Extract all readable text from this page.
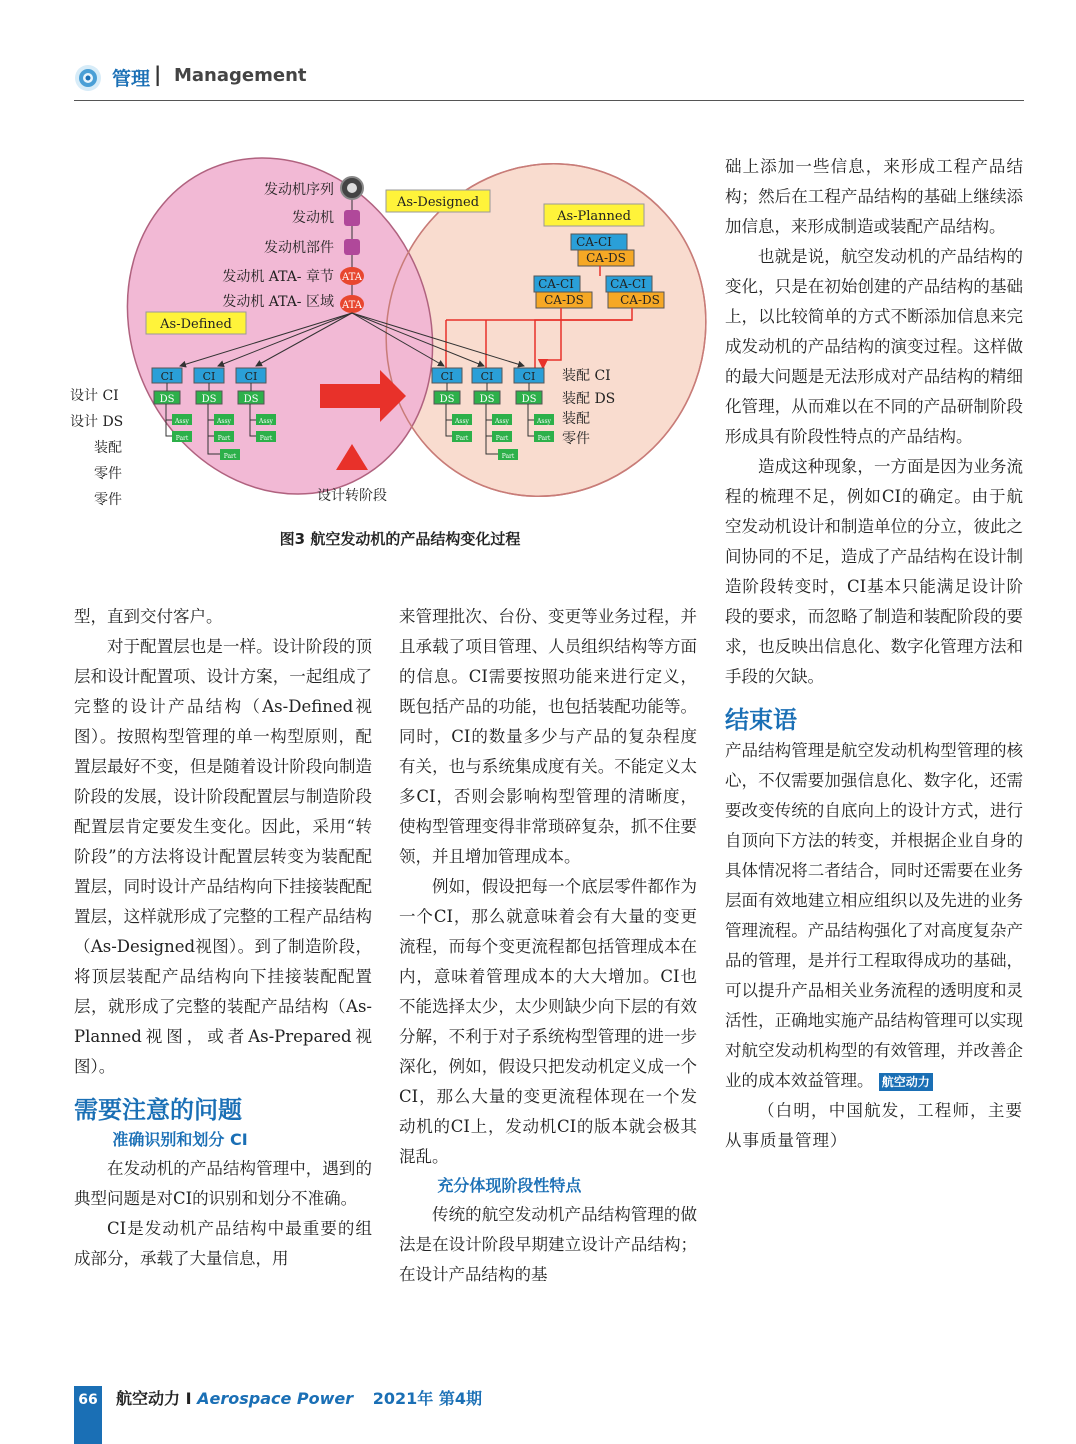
管理 | Management
发动机序列
发动机
发动机部件
发动机 ATA- 章节
发动机 ATA- 区域
ATA
ATA
As-Designed
As-Planned
As-Defined
CA-CI
CA-DS
CA-CI
CA-DS
CA-CI
CA-DS
CI
DS
Assy
Part
CI
DS
Assy
Part
Part
CI
DS
Assy
Part
CI
DS
Assy
Part
CI
DS
Assy
Part
Part
CI
DS
Assy
Part
设计 CI
设计 DS
装配
零件
零件
装配 CI
装配 DS
装配
零件
设计转阶段
图3 航空发动机的产品结构变化过程

型，直到交付客户。

对于配置层也是一样。设计阶段的顶层和设计配置项、设计方案，一起组成了完整的设计产品结构（As-Defined视图）。按照构型管理的单一构型原则，配置层最好不变，但是随着设计阶段向制造阶段的发展，设计阶段配置层与制造阶段配置层肯定要发生变化。因此，采用“转阶段”的方法将设计配置层转变为装配配置层，同时设计产品结构向下挂接装配配置层，这样就形成了完整的工程产品结构（As-Designed视图）。到了制造阶段，将顶层装配产品结构向下挂接装配配置层，就形成了完整的装配产品结构（As-Planned视图，或者As-Prepared视图）。

需要注意的问题
准确识别和划分 CI

在发动机的产品结构管理中，遇到的典型问题是对CI的识别和划分不准确。

CI是发动机产品结构中最重要的组成部分，承载了大量信息，用

来管理批次、台份、变更等业务过程，并且承载了项目管理、人员组织结构等方面的信息。CI需要按照功能来进行定义，既包括产品的功能，也包括装配功能等。同时，CI的数量多少与产品的复杂程度有关，也与系统集成度有关。不能定义太多CI，否则会影响构型管理的清晰度，使构型管理变得非常琐碎复杂，抓不住要领，并且增加管理成本。

例如，假设把每一个底层零件都作为一个CI，那么就意味着会有大量的变更流程，而每个变更流程都包括管理成本在内，意味着管理成本的大大增加。CI也不能选择太少，太少则缺少向下层的有效分解，不利于对子系统构型管理的进一步深化，例如，假设只把发动机定义成一个CI，那么大量的变更流程体现在一个发动机的CI上，发动机CI的版本就会极其混乱。

充分体现阶段性特点

传统的航空发动机产品结构管理的做法是在设计阶段早期建立设计产品结构；在设计产品结构的基

础上添加一些信息，来形成工程产品结构；然后在工程产品结构的基础上继续添加信息，来形成制造或装配产品结构。

也就是说，航空发动机的产品结构的变化，只是在初始创建的产品结构的基础上，以比较简单的方式不断添加信息来完成发动机的产品结构的演变过程。这样做的最大问题是无法形成对产品结构的精细化管理，从而难以在不同的产品研制阶段形成具有阶段性特点的产品结构。

造成这种现象，一方面是因为业务流程的梳理不足，例如CI的确定。由于航空发动机设计和制造单位的分立，彼此之间协同的不足，造成了产品结构在设计制造阶段转变时，CI基本只能满足设计阶段的要求，而忽略了制造和装配阶段的要求，也反映出信息化、数字化管理方法和手段的欠缺。

结束语

产品结构管理是航空发动机构型管理的核心，不仅需要加强信息化、数字化，还需要改变传统的自底向上的设计方式，进行自顶向下方法的转变，并根据企业自身的具体情况将二者结合，同时还需要在业务层面有效地建立相应组织以及先进的业务管理流程。产品结构强化了对高度复杂产品的管理，是并行工程取得成功的基础，可以提升产品相关业务流程的透明度和灵活性，正确地实施产品结构管理可以实现对航空发动机构型的有效管理，并改善企业的成本效益管理。 航空动力

（白明，中国航发，工程师，主要从事质量管理）

66 航空动力 I Aerospace Power 2021年 第4期
